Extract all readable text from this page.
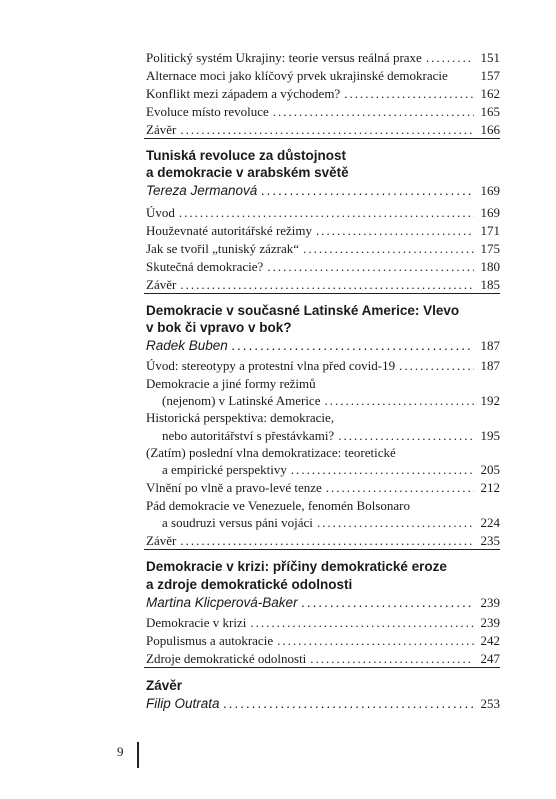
Politický systém Ukrajiny: teorie versus reálná praxe .....	151
Alternace moci jako klíčový prvek ukrajinské demokracie	157
Konflikt mezi západem a východem? .....	162
Evoluce místo revoluce .....	165
Závěr .....	166
Tuniská revoluce za důstojnost
a demokracie v arabském světě
Tereza Jermanová .....	169
Úvod .....	169
Houževnaté autoritářské režimy .....	171
Jak se tvořil „tuniský zázrak“ .....	175
Skutečná demokracie? .....	180
Závěr .....	185
Demokracie v současné Latinské Americe: Vlevo
v bok či vpravo v bok?
Radek Buben .....	187
Úvod: stereotypy a protestní vlna před covid-19 .....	187
Demokracie a jiné formy režimů
(nejenom) v Latinské Americe .....	192
Historická perspektiva: demokracie,
nebo autoritářství s přestávkami? .....	195
(Zatím) poslední vlna demokratizace: teoretické
a empirické perspektivy .....	205
Vlnění po vlně a pravo-levé tenze .....	212
Pád demokracie ve Venezuele, fenomén Bolsonaro
a soudruzi versus páni vojáci .....	224
Závěr .....	235
Demokracie v krizi: příčiny demokratické eroze
a zdroje demokratické odolnosti
Martina Klicperová-Baker .....	239
Demokracie v krizi .....	239
Populismus a autokracie .....	242
Zdroje demokratické odolnosti .....	247
Závěr
Filip Outrata .....	253
9
